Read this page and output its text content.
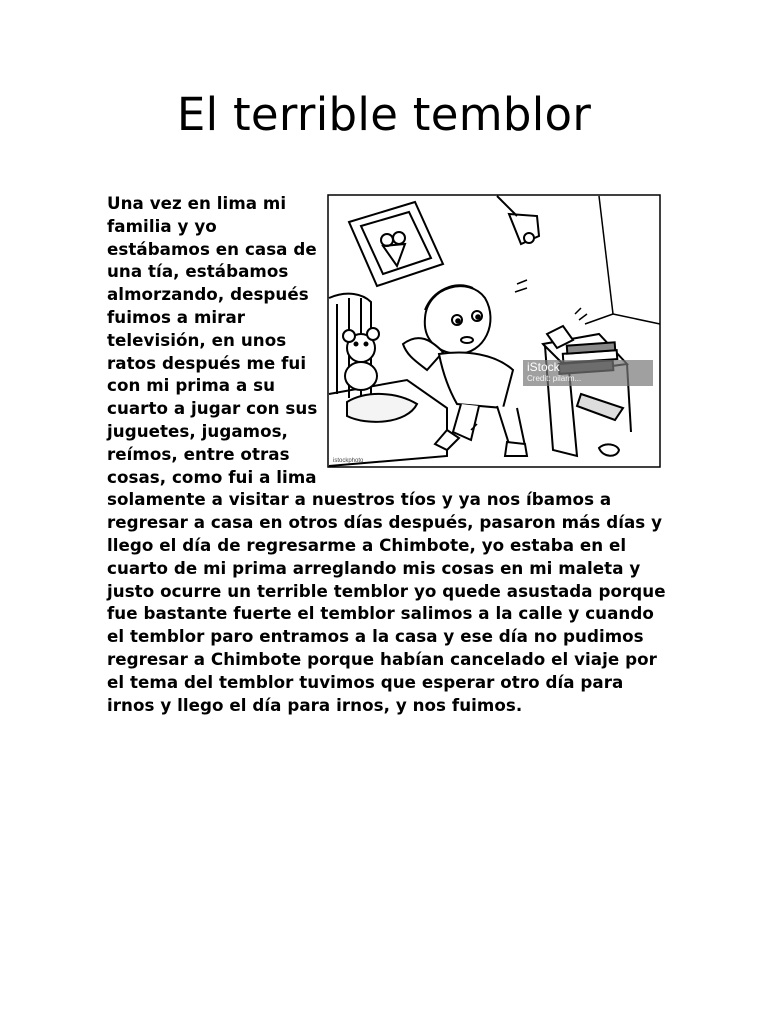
El terrible temblor
istockphoto
iStock
Credit: pilarm...

Una vez en lima mi familia y yo estábamos en casa de una tía, estábamos almorzando, después fuimos a mirar televisión, en unos ratos después me fui con mi prima a su cuarto a jugar con sus juguetes, jugamos, reímos, entre otras cosas, como fui a lima solamente a visitar a nuestros tíos y ya nos íbamos a regresar a casa en otros días después, pasaron más días y llego el día de regresarme a Chimbote, yo estaba en el cuarto de mi prima arreglando mis cosas en mi maleta y justo ocurre un terrible temblor yo quede asustada porque fue bastante fuerte el temblor salimos a la calle y cuando el temblor paro entramos a la casa y ese día no pudimos regresar a Chimbote porque habían cancelado el viaje por el tema del temblor tuvimos que esperar otro día para irnos y llego el día para irnos, y nos fuimos.
